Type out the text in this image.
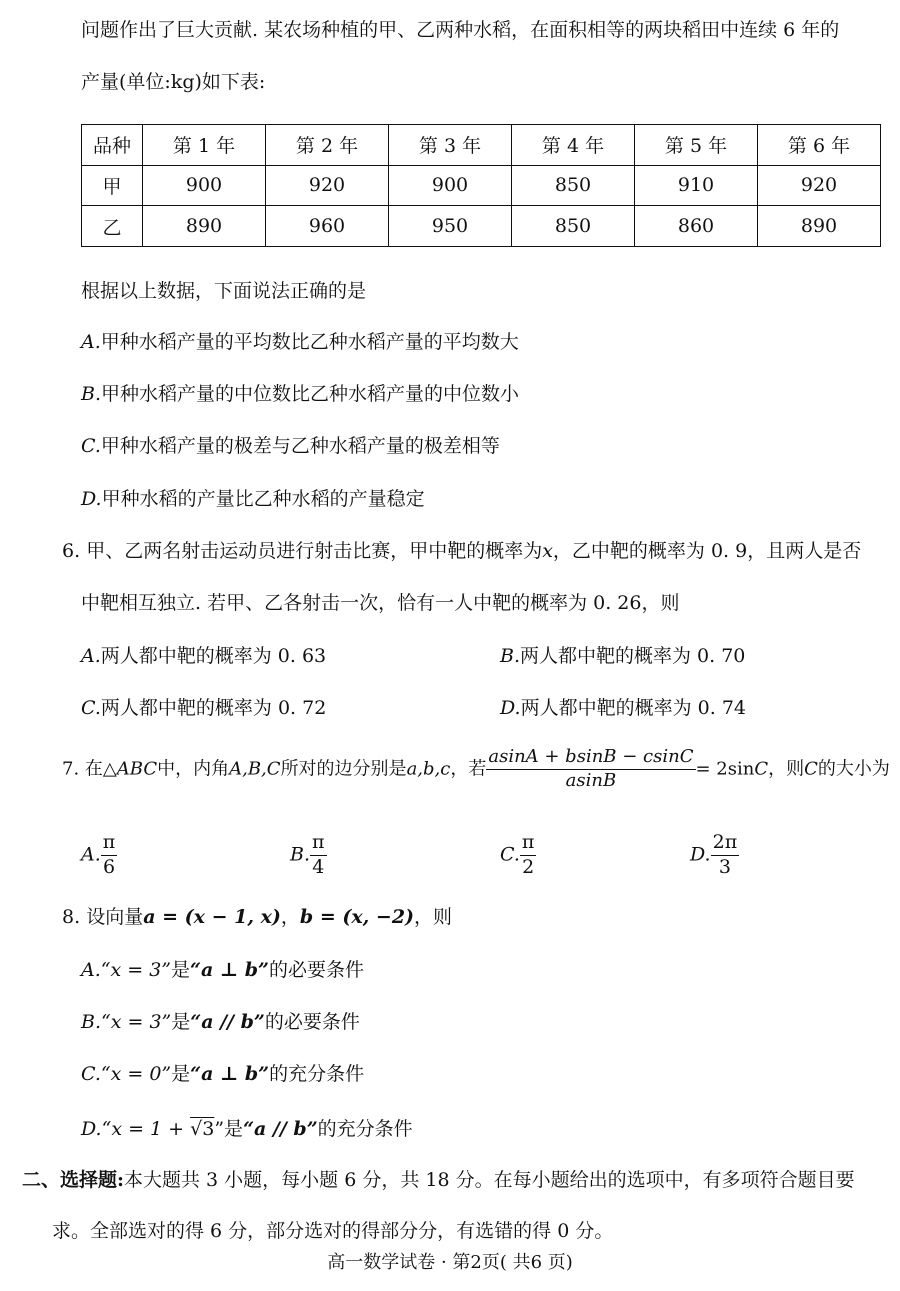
问题作出了巨大贡献. 某农场种植的甲、乙两种水稻，在面积相等的两块稻田中连续 6 年的
产量(单位:kg)如下表:
品种	第 1 年	第 2 年	第 3 年	第 4 年	第 5 年	第 6 年
甲	900	920	900	850	910	920
乙	890	960	950	850	860	890
根据以上数据，下面说法正确的是
A.甲种水稻产量的平均数比乙种水稻产量的平均数大
B.甲种水稻产量的中位数比乙种水稻产量的中位数小
C.甲种水稻产量的极差与乙种水稻产量的极差相等
D.甲种水稻的产量比乙种水稻的产量稳定
6. 甲、乙两名射击运动员进行射击比赛，甲中靶的概率为x，乙中靶的概率为 0. 9，且两人是否
中靶相互独立. 若甲、乙各射击一次，恰有一人中靶的概率为 0. 26，则
A.两人都中靶的概率为 0. 63	B.两人都中靶的概率为 0. 70
C.两人都中靶的概率为 0. 72	D.两人都中靶的概率为 0. 74
7. 在△ABC中，内角A,B,C所对的边分别是a,b,c，若 $\frac{asinA + bsinB - csinC}{asinB} = 2\sin C$，则C的大小为
A. $\frac{\pi}{6}$	B. $\frac{\pi}{4}$	C. $\frac{\pi}{2}$	D. $\frac{2\pi}{3}$
8. 设向量a = (x − 1, x)，b = (x, −2)，则
A.“x = 3”是“a ⊥ b”的必要条件
B.“x = 3”是“a // b”的必要条件
C.“x = 0”是“a ⊥ b”的充分条件
D.“x = 1 + √3”是“a // b”的充分条件
二、选择题:本大题共 3 小题，每小题 6 分，共 18 分。在每小题给出的选项中，有多项符合题目要
求。全部选对的得 6 分，部分选对的得部分分，有选错的得 0 分。
高一数学试卷 · 第2页( 共6 页)
